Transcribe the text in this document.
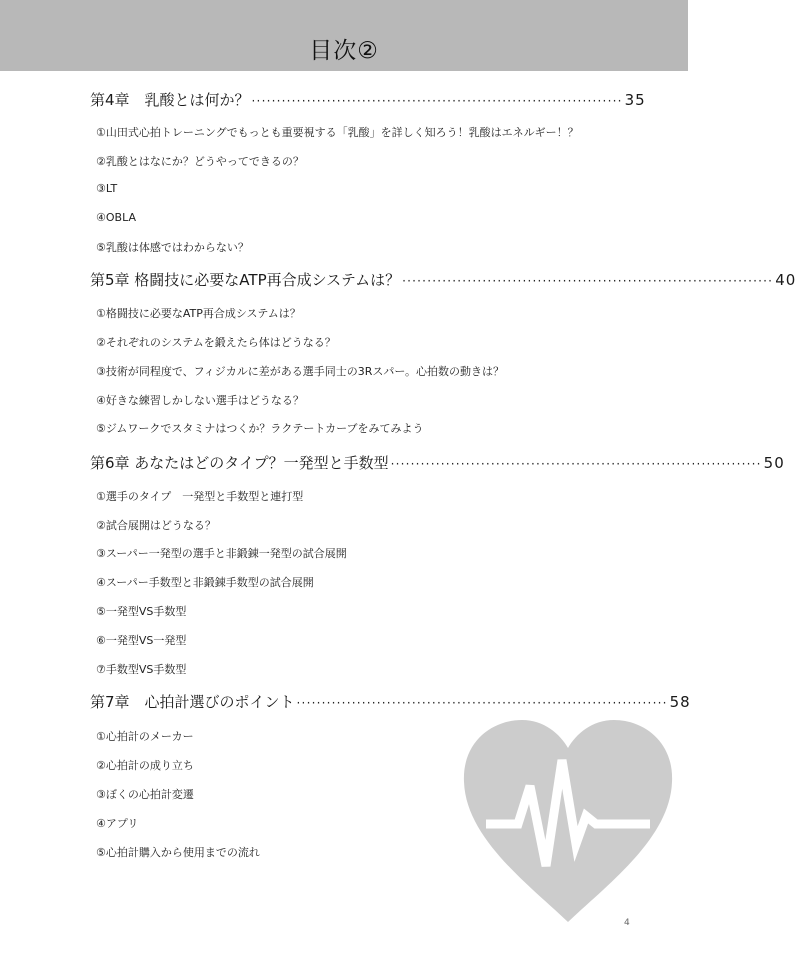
目次②
第4章　乳酸とは何か？ ·········································································· 35
①山田式心拍トレーニングでもっとも重要視する「乳酸」を詳しく知ろう！乳酸はエネルギー！？
②乳酸とはなにか？どうやってできるの？
③LT
④OBLA
⑤乳酸は体感ではわからない？
第5章 格闘技に必要なATP再合成システムは？ ·········································································· 40
①格闘技に必要なATP再合成システムは？
②それぞれのシステムを鍛えたら体はどうなる？
③技術が同程度で、フィジカルに差がある選手同士の3Rスパー。心拍数の動きは？
④好きな練習しかしない選手はどうなる？
⑤ジムワークでスタミナはつくか？ラクテートカーブをみてみよう
第6章 あなたはどのタイプ？一発型と手数型 ·········································································· 50
①選手のタイプ　一発型と手数型と連打型
②試合展開はどうなる？
③スーパー一発型の選手と非鍛錬一発型の試合展開
④スーパー手数型と非鍛錬手数型の試合展開
⑤一発型VS手数型
⑥一発型VS一発型
⑦手数型VS手数型
第7章　心拍計選びのポイント ·········································································· 58
①心拍計のメーカー
②心拍計の成り立ち
③ぼくの心拍計変遷
④アプリ
⑤心拍計購入から使用までの流れ
4
